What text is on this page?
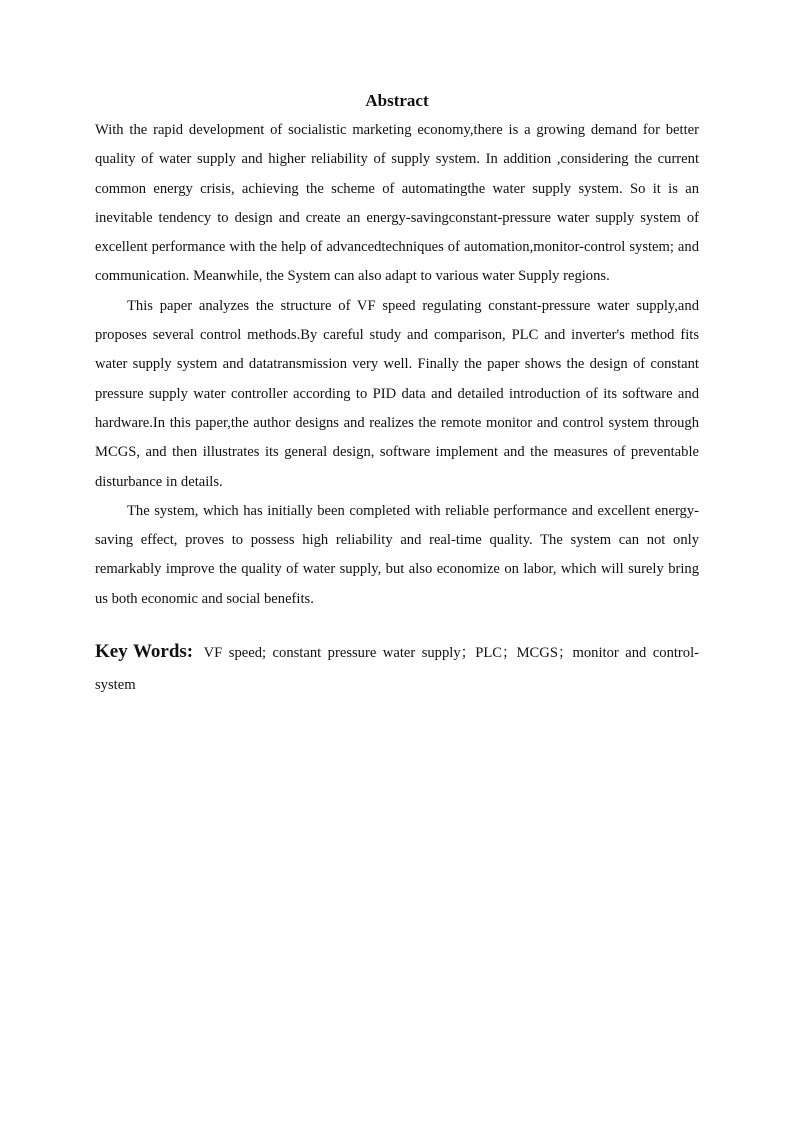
Abstract

With the rapid development of socialistic marketing economy,there is a growing demand for better quality of water supply and higher reliability of supply system. In addition ,considering the current common energy crisis, achieving the scheme of automatingthe water supply system. So it is an inevitable tendency to design and create an energy-savingconstant-pressure water supply system of excellent performance with the help of advancedtechniques of automation,monitor-control system; and communication. Meanwhile, the System can also adapt to various water Supply regions.

This paper analyzes the structure of VF speed regulating constant-pressure water supply,and proposes several control methods.By careful study and comparison, PLC and inverter's method fits water supply system and datatransmission very well. Finally the paper shows the design of constant pressure supply water controller according to PID data and detailed introduction of its software and hardware.In this paper,the author designs and realizes the remote monitor and control system through MCGS, and then illustrates its general design, software implement and the measures of preventable disturbance in details.

The system, which has initially been completed with reliable performance and excellent energy-saving effect, proves to possess high reliability and real-time quality. The system can not only remarkably improve the quality of water supply, but also economize on labor, which will surely bring us both economic and social benefits.

Key Words: VF speed; constant pressure water supply；PLC；MCGS；monitor and control- system
